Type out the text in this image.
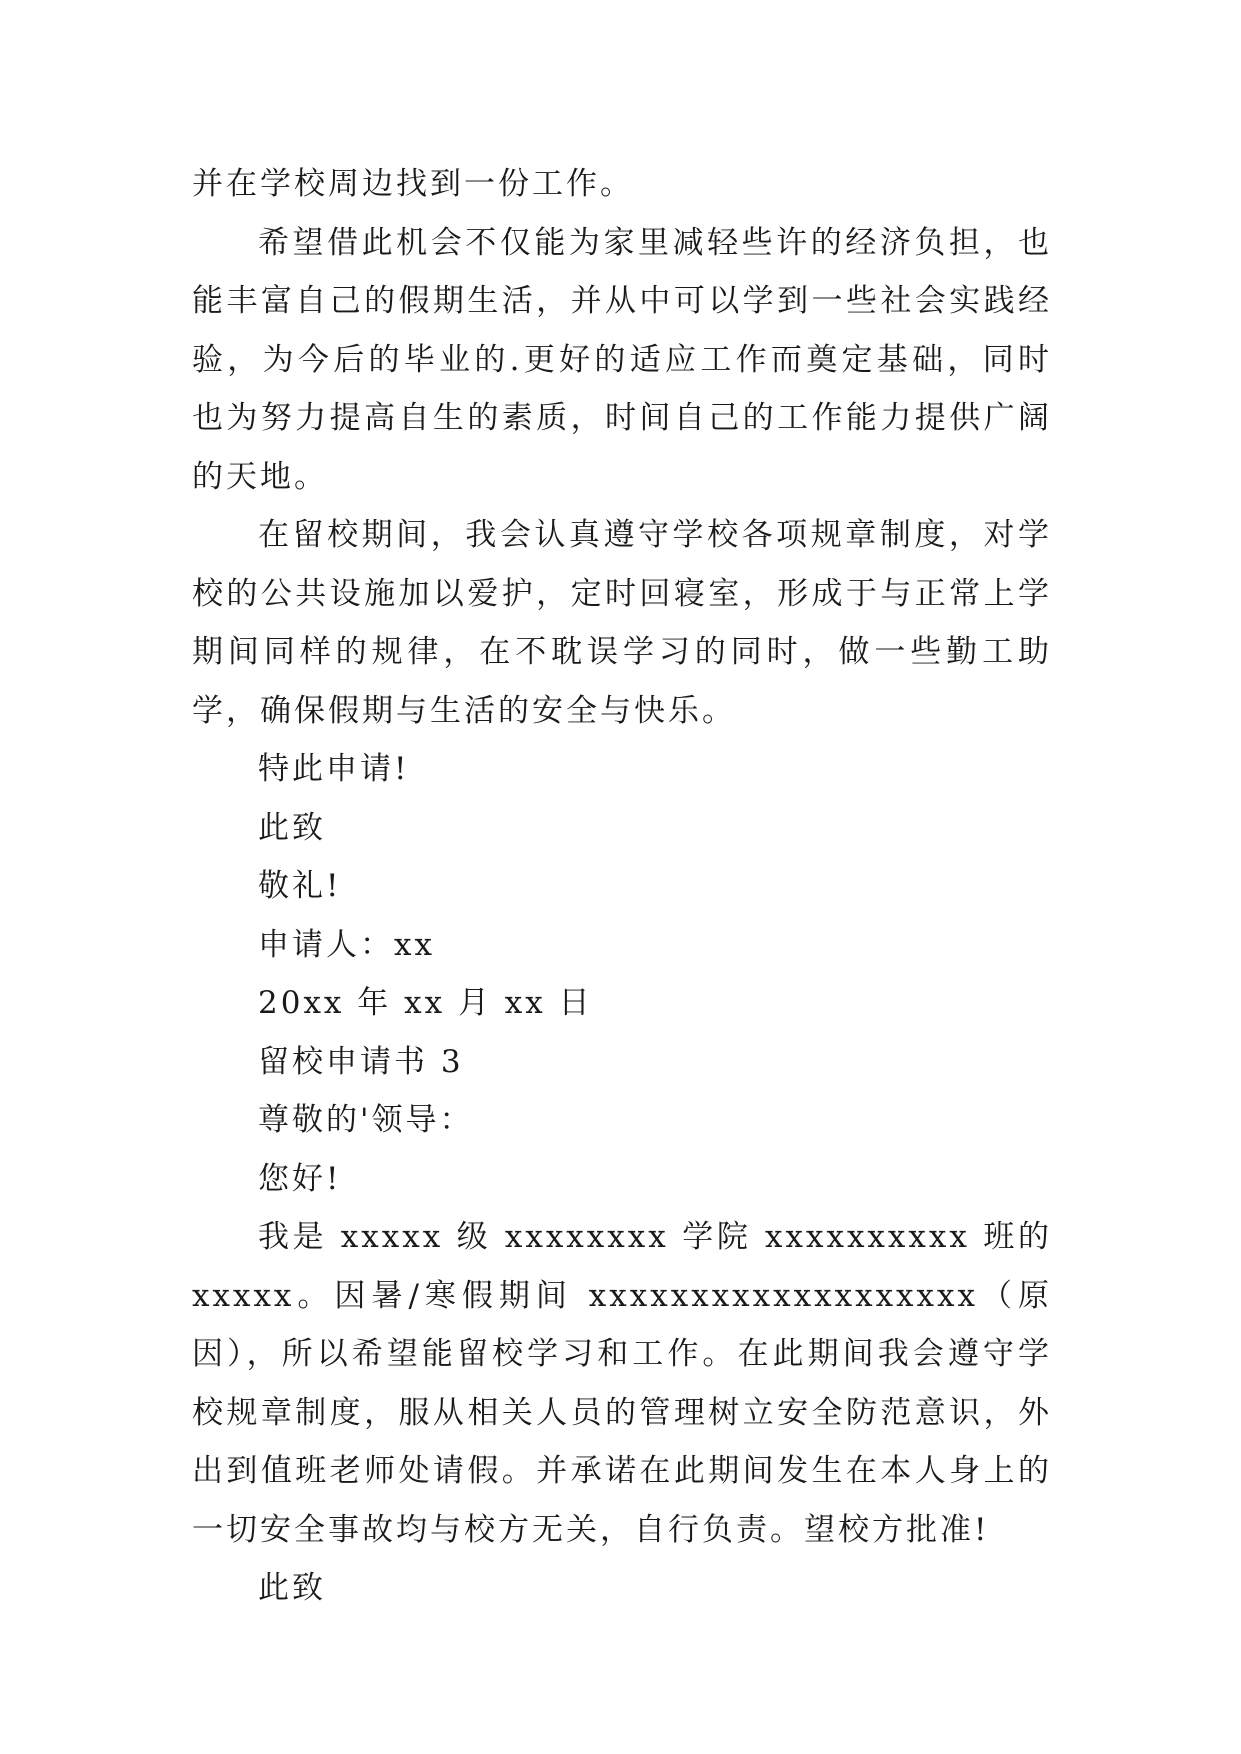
并在学校周边找到一份工作。

希望借此机会不仅能为家里减轻些许的经济负担，也能丰富自己的假期生活，并从中可以学到一些社会实践经验，为今后的毕业的.更好的适应工作而奠定基础，同时也为努力提高自生的素质，时间自己的工作能力提供广阔的天地。

在留校期间，我会认真遵守学校各项规章制度，对学校的公共设施加以爱护，定时回寝室，形成于与正常上学期间同样的规律，在不耽误学习的同时，做一些勤工助学，确保假期与生活的安全与快乐。

特此申请!

此致

敬礼!

申请人：xx

20xx 年 xx 月 xx 日

留校申请书 3

尊敬的'领导：

您好!

我是 xxxxx 级 xxxxxxxx 学院 xxxxxxxxxx 班的 xxxxx。因暑/寒假期间 xxxxxxxxxxxxxxxxxxx（原因），所以希望能留校学习和工作。在此期间我会遵守学校规章制度，服从相关人员的管理树立安全防范意识，外出到值班老师处请假。并承诺在此期间发生在本人身上的一切安全事故均与校方无关，自行负责。望校方批准!

此致
